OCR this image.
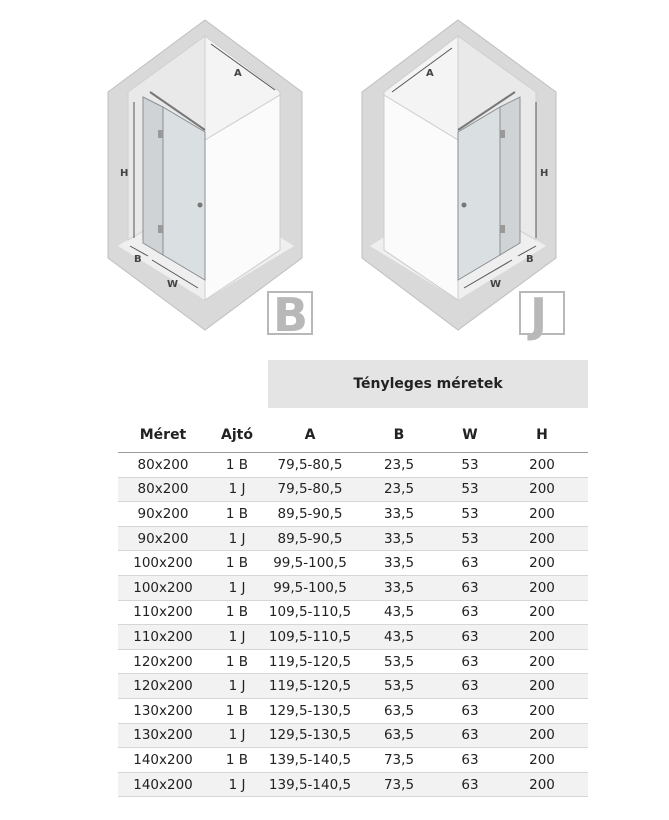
A
H
B
W
B
A
H
B
W
J
Tényleges méretek
Méret	Ajtó	A	B	W	H
80x200	1 B	79,5-80,5	23,5	53	200
80x200	1 J	79,5-80,5	23,5	53	200
90x200	1 B	89,5-90,5	33,5	53	200
90x200	1 J	89,5-90,5	33,5	53	200
100x200	1 B	99,5-100,5	33,5	63	200
100x200	1 J	99,5-100,5	33,5	63	200
110x200	1 B	109,5-110,5	43,5	63	200
110x200	1 J	109,5-110,5	43,5	63	200
120x200	1 B	119,5-120,5	53,5	63	200
120x200	1 J	119,5-120,5	53,5	63	200
130x200	1 B	129,5-130,5	63,5	63	200
130x200	1 J	129,5-130,5	63,5	63	200
140x200	1 B	139,5-140,5	73,5	63	200
140x200	1 J	139,5-140,5	73,5	63	200
